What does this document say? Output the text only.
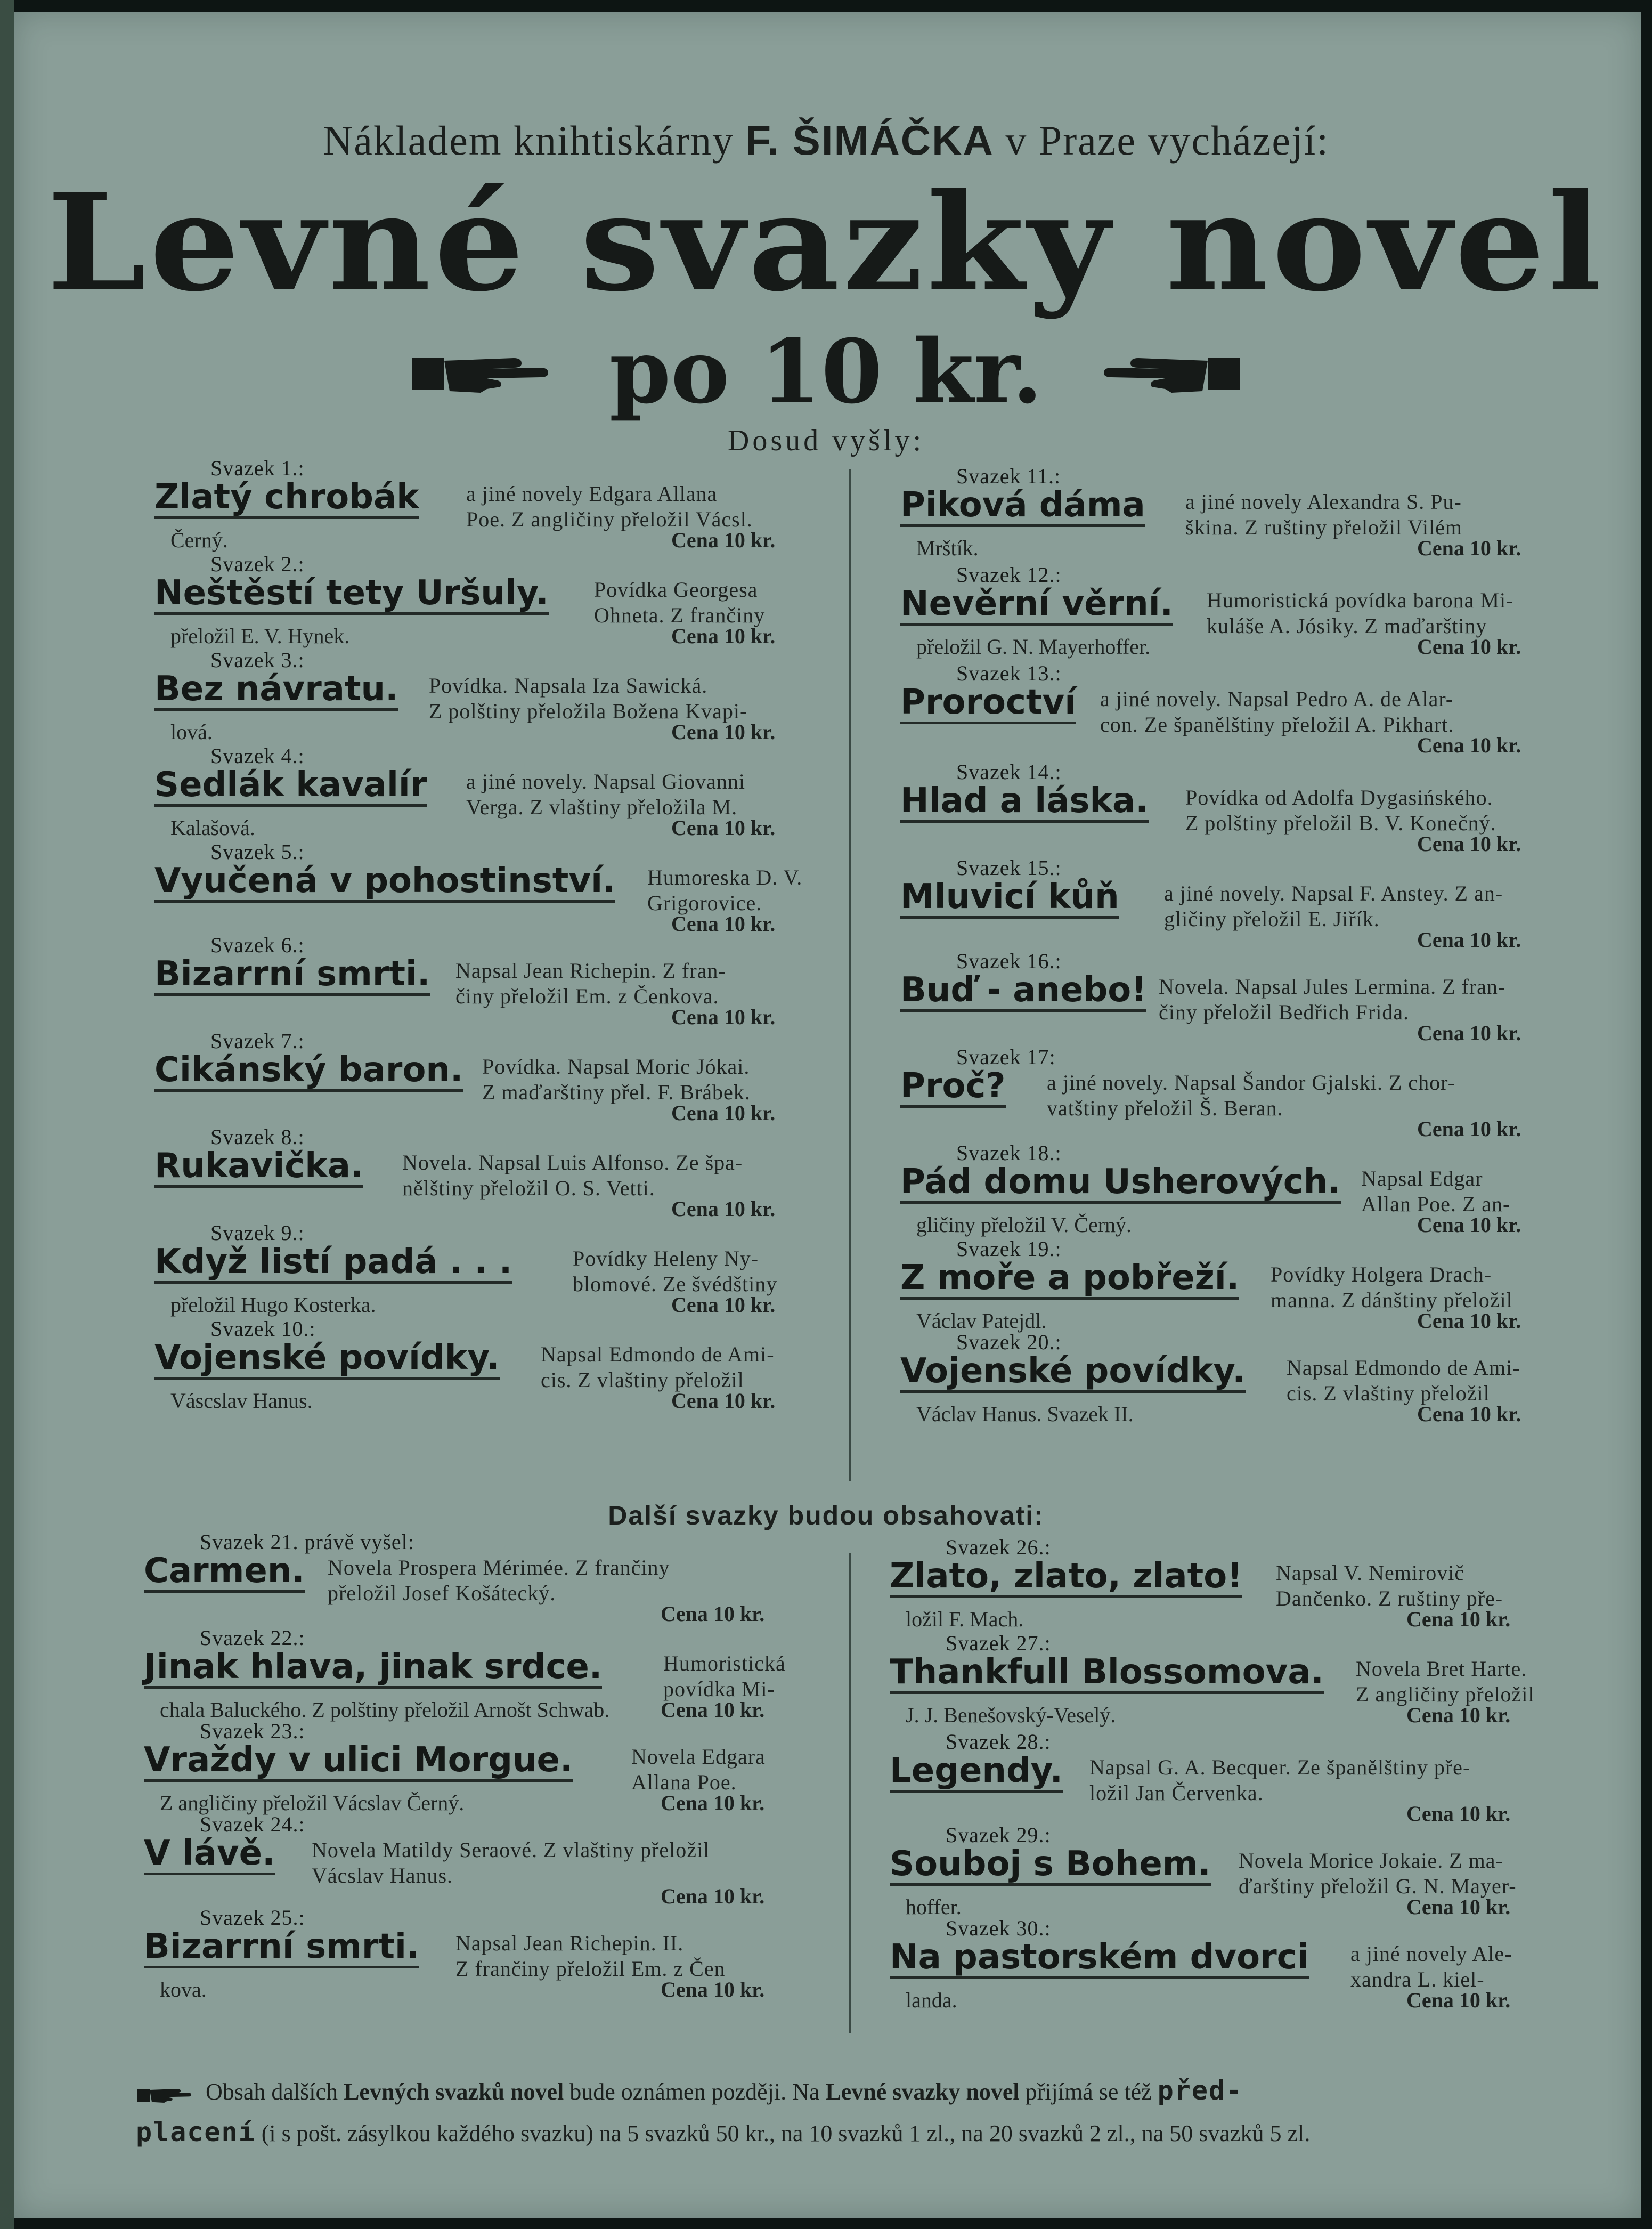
Nákladem knihtiskárny F. ŠIMÁČKA v Praze vycházejí:
Levné svazky novel
po 10 kr.
Dosud vyšly:
Další svazky budou obsahovati:
Svazek 1.:
Zlatý chrobák a jiné novely Edgara Allana
Poe. Z angličiny přeložil Vácsl.
Černý.	Cena 10 kr.
Svazek 2.:
Neštěstí tety Uršuly. Povídka Georgesa
Ohneta. Z frančiny
přeložil E. V. Hynek.	Cena 10 kr.
Svazek 3.:
Bez návratu. Povídka. Napsala Iza Sawická.
Z polštiny přeložila Božena Kvapi-
lová.	Cena 10 kr.
Svazek 4.:
Sedlák kavalír a jiné novely. Napsal Giovanni
Verga. Z vlaštiny přeložila M.
Kalašová.	Cena 10 kr.
Svazek 5.:
Vyučená v pohostinství. Humoreska D. V.
Grigorovice.
Cena 10 kr.
Svazek 6.:
Bizarrní smrti. Napsal Jean Richepin. Z fran-
činy přeložil Em. z Čenkova.
Cena 10 kr.
Svazek 7.:
Cikánský baron. Povídka. Napsal Moric Jókai.
Z maďarštiny přel. F. Brábek.
Cena 10 kr.
Svazek 8.:
Rukavička. Novela. Napsal Luis Alfonso. Ze špa-
nělštiny přeložil O. S. Vetti.
Cena 10 kr.
Svazek 9.:
Když listí padá . . .	Povídky Heleny Ny-
blomové. Ze švédštiny
přeložil Hugo Kosterka.	Cena 10 kr.
Svazek 10.:
Vojenské povídky. Napsal Edmondo de Ami-
cis. Z vlaštiny přeložil
Váscslav Hanus.	Cena 10 kr.
Svazek 11.:
Piková dáma a jiné novely Alexandra S. Pu-
škina. Z ruštiny přeložil Vilém
Mrštík.	Cena 10 kr.
Svazek 12.:
Nevěrní věrní. Humoristická povídka barona Mi-
kuláše A. Jósiky. Z maďarštiny
přeložil G. N. Mayerhoffer.	Cena 10 kr.
Svazek 13.:
Proroctví a jiné novely. Napsal Pedro A. de Alar-
con. Ze španělštiny přeložil A. Pikhart.
Cena 10 kr.
Svazek 14.:
Hlad a láska. Povídka od Adolfa Dygasińského.
Z polštiny přeložil B. V. Konečný.
Cena 10 kr.
Svazek 15.:
Mluvicí kůň a jiné novely. Napsal F. Anstey. Z an-
gličiny přeložil E. Jiřík.
Cena 10 kr.
Svazek 16.:
Buď - anebo! Novela. Napsal Jules Lermina. Z fran-
činy přeložil Bedřich Frida.
Cena 10 kr.
Svazek 17:
Proč? a jiné novely. Napsal Šandor Gjalski. Z chor-
vatštiny přeložil Š. Beran.
Cena 10 kr.
Svazek 18.:
Pád domu Usherových. Napsal Edgar
Allan Poe. Z an-
gličiny přeložil V. Černý.	Cena 10 kr.
Svazek 19.:
Z moře a pobřeží. Povídky Holgera Drach-
manna. Z dánštiny přeložil
Václav Patejdl.	Cena 10 kr.
Svazek 20.:
Vojenské povídky. Napsal Edmondo de Ami-
cis. Z vlaštiny přeložil
Václav Hanus. Svazek II.	Cena 10 kr.
Svazek 21. právě vyšel:
Carmen. Novela Prospera Mérimée. Z frančiny
přeložil Josef Košátecký.
Cena 10 kr.
Svazek 22.:
Jinak hlava, jinak srdce.	Humoristická
povídka Mi-
chala Baluckého. Z polštiny přeložil Arnošt Schwab. Cena 10 kr.
Svazek 23.:
Vraždy v ulici Morgue.	Novela Edgara
Allana Poe.
Z angličiny přeložil Vácslav Černý.	Cena 10 kr.
Svazek 24.:
V lávě. Novela Matildy Seraové. Z vlaštiny přeložil
Vácslav Hanus.
Cena 10 kr.
Svazek 25.:
Bizarrní smrti. Napsal Jean Richepin. II.
Z frančiny přeložil Em. z Čen
kova.	Cena 10 kr.
Svazek 26.:
Zlato, zlato, zlato! Napsal V. Nemirovič
Dančenko. Z ruštiny pře-
ložil F. Mach.	Cena 10 kr.
Svazek 27.:
Thankfull Blossomova. Novela Bret Harte.
Z angličiny přeložil
J. J. Benešovský-Veselý.	Cena 10 kr.
Svazek 28.:
Legendy. Napsal G. A. Becquer. Ze španělštiny pře-
ložil Jan Červenka.
Cena 10 kr.
Svazek 29.:
Souboj s Bohem. Novela Morice Jokaie. Z ma-
ďarštiny přeložil G. N. Mayer-
hoffer.	Cena 10 kr.
Svazek 30.:
Na pastorském dvorci a jiné novely Ale-
xandra L. kiel-
landa.	Cena 10 kr.
Obsah dalších Levných svazků novel bude oznámen později. Na Levné svazky novel přijímá se též před-
placení (i s pošt. zásylkou každého svazku) na 5 svazků 50 kr., na 10 svazků 1 zl., na 20 svazků 2 zl., na 50 svazků 5 zl.
